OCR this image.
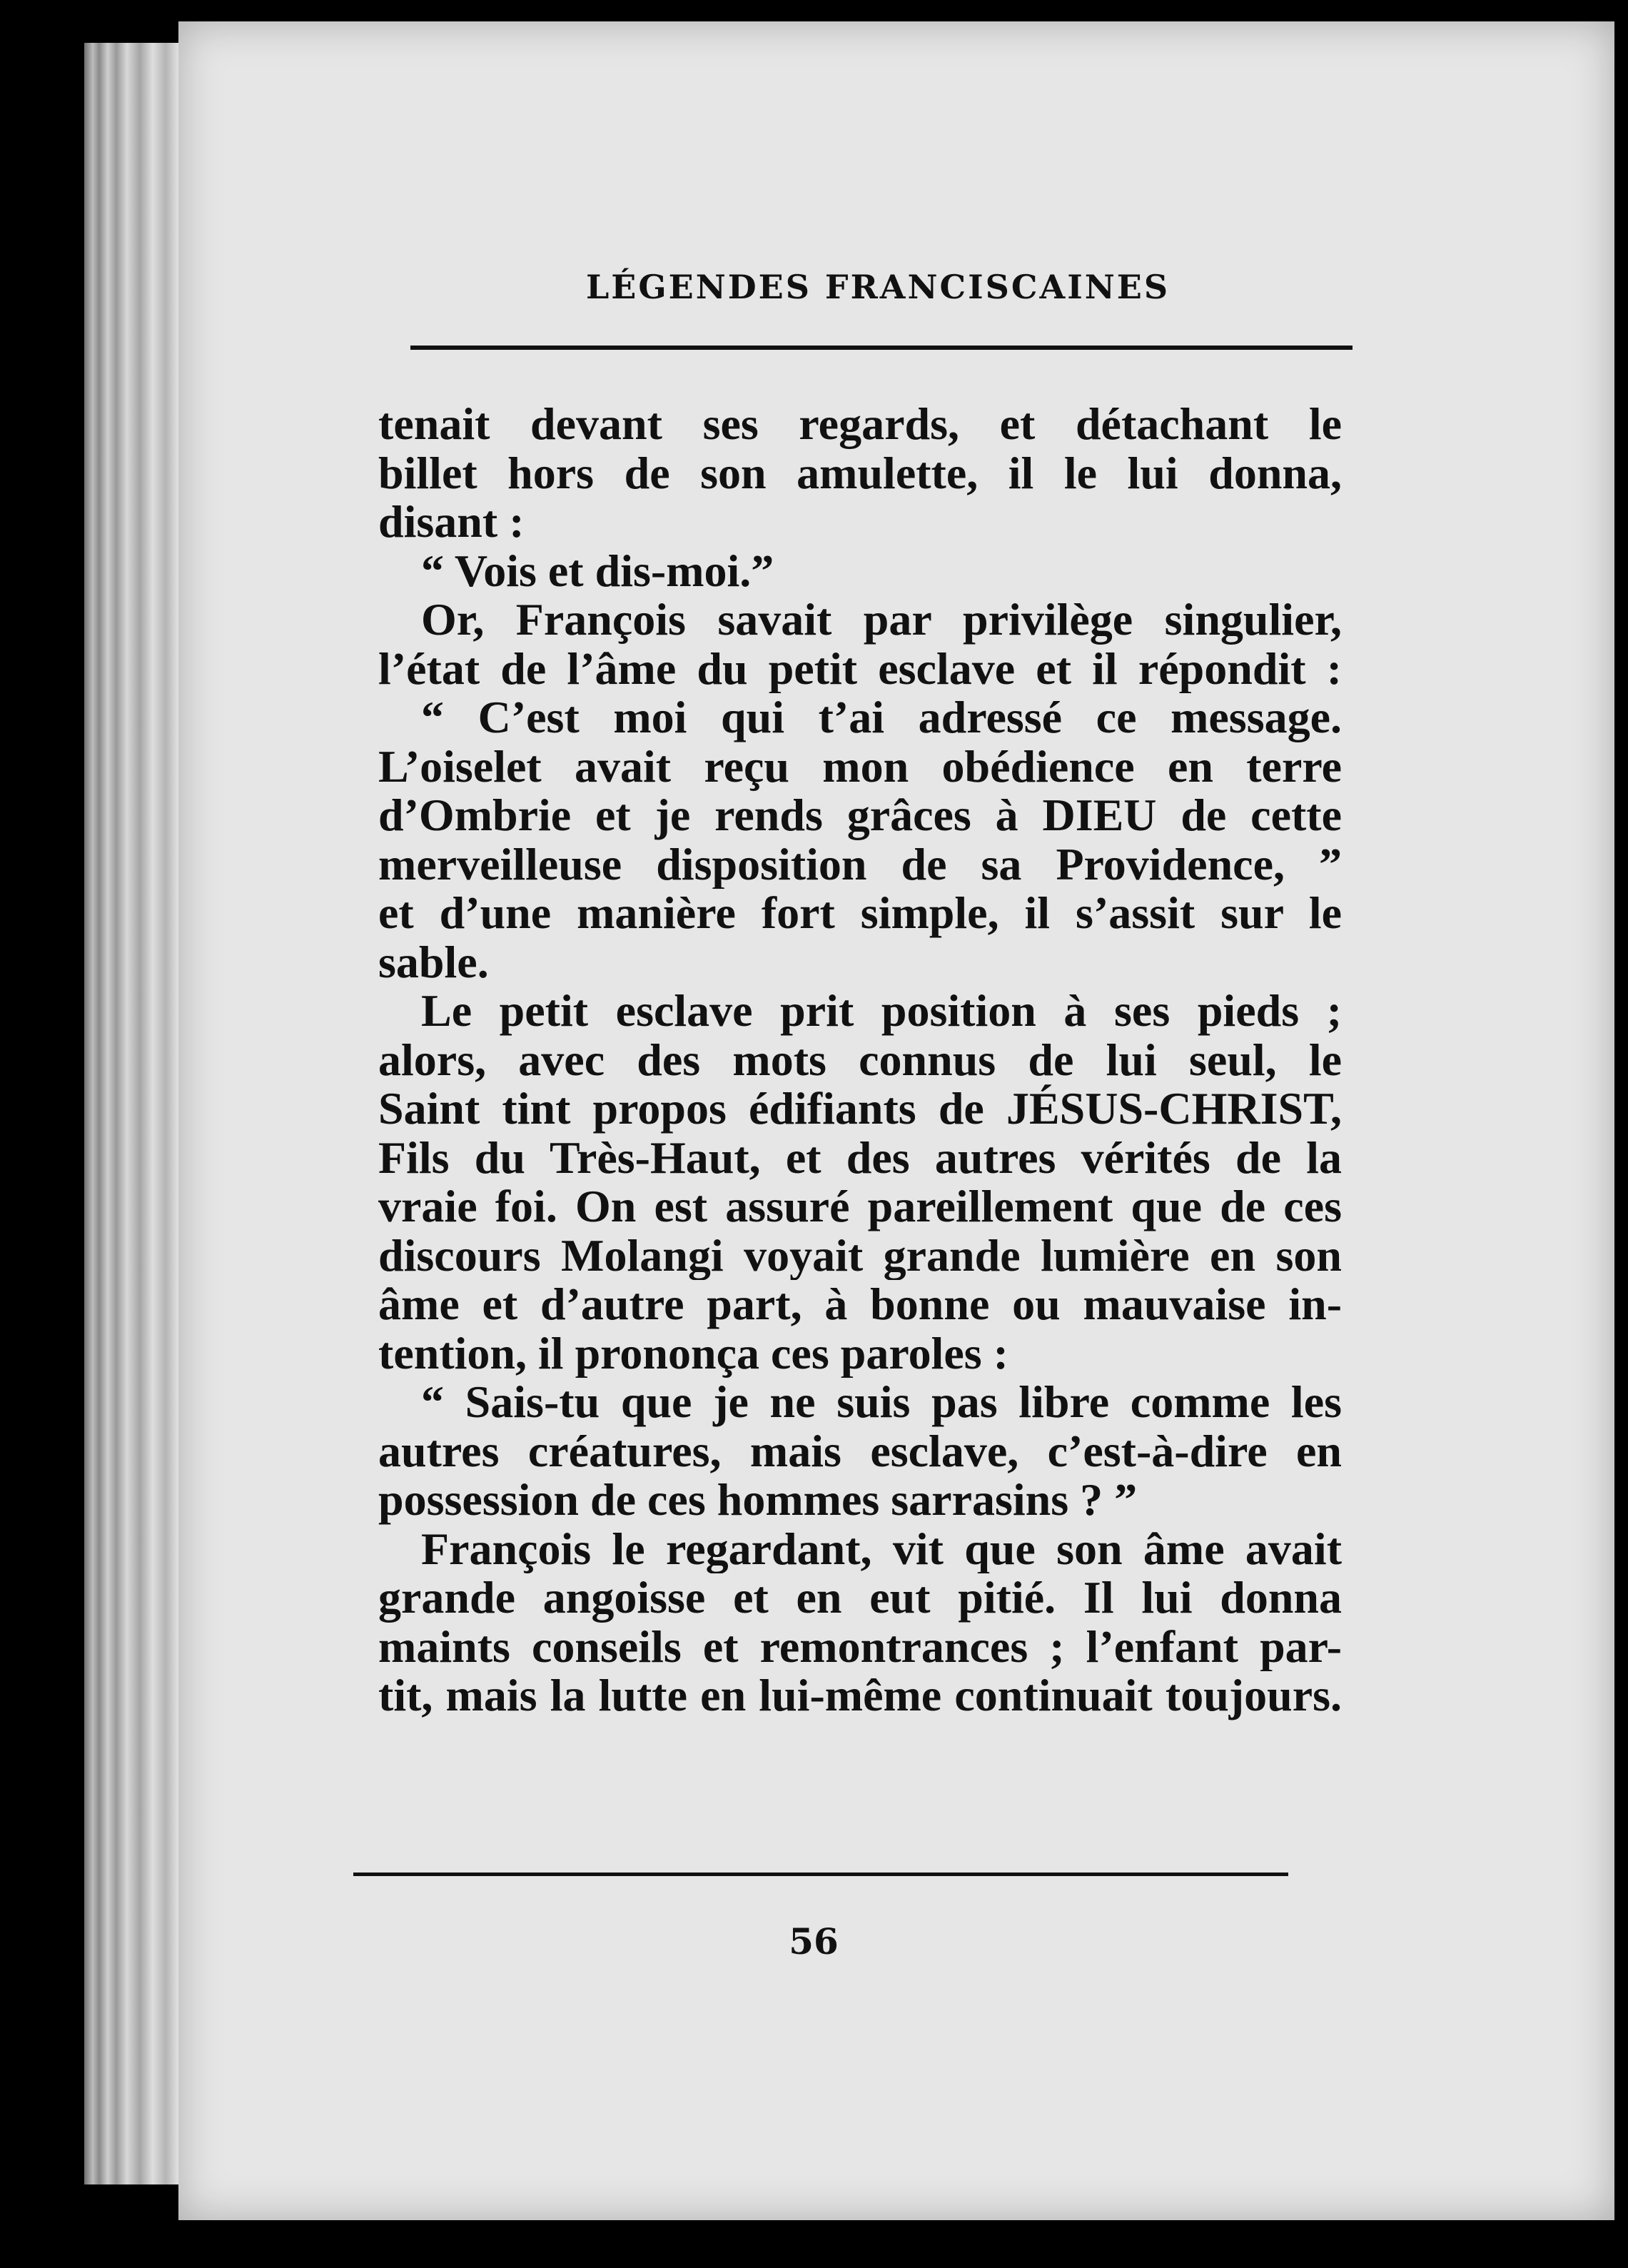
LÉGENDES FRANCISCAINES
tenait devant ses regards, et détachant le
billet hors de son amulette, il le lui donna,
disant :
“ Vois et dis-moi.”
Or, François savait par privilège singulier,
l’état de l’âme du petit esclave et il répondit :
“ C’est moi qui t’ai adressé ce message.
L’oiselet avait reçu mon obédience en terre
d’Ombrie et je rends grâces à DIEU de cette
merveilleuse disposition de sa Providence, ”
et d’une manière fort simple, il s’assit sur le
sable.
Le petit esclave prit position à ses pieds ;
alors, avec des mots connus de lui seul, le
Saint tint propos édifiants de JÉSUS-CHRIST,
Fils du Très-Haut, et des autres vérités de la
vraie foi. On est assuré pareillement que de ces
discours Molangi voyait grande lumière en son
âme et d’autre part, à bonne ou mauvaise in-
tention, il prononça ces paroles :
“ Sais-tu que je ne suis pas libre comme les
autres créatures, mais esclave, c’est-à-dire en
possession de ces hommes sarrasins ? ”
François le regardant, vit que son âme avait
grande angoisse et en eut pitié. Il lui donna
maints conseils et remontrances ; l’enfant par-
tit, mais la lutte en lui-même continuait toujours.
56
